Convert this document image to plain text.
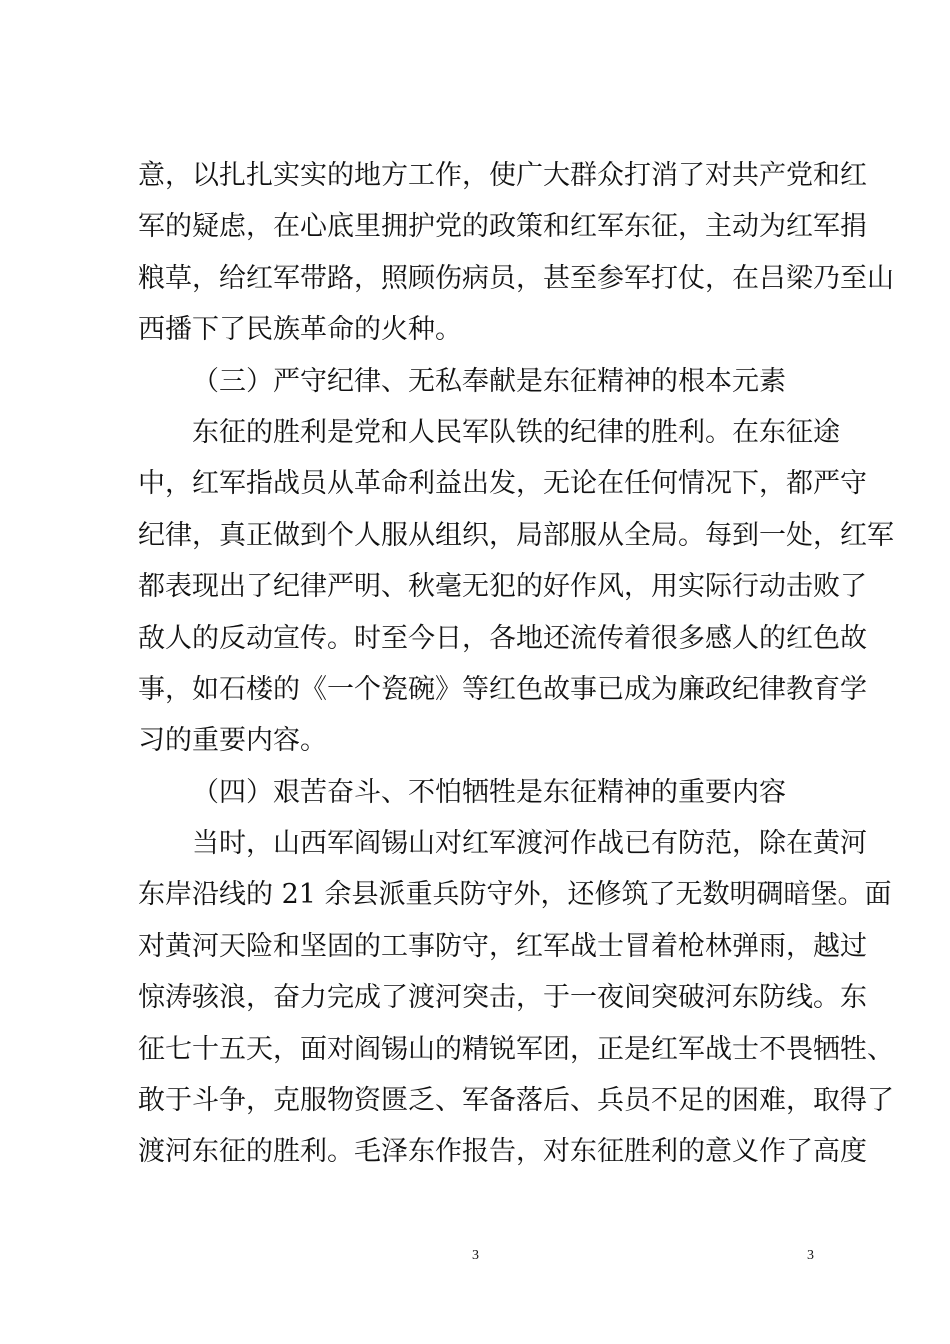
意，以扎扎实实的地方工作，使广大群众打消了对共产党和红
军的疑虑，在心底里拥护党的政策和红军东征，主动为红军捐
粮草，给红军带路，照顾伤病员，甚至参军打仗，在吕梁乃至山
西播下了民族革命的火种。
（三）严守纪律、无私奉献是东征精神的根本元素
东征的胜利是党和人民军队铁的纪律的胜利。在东征途
中，红军指战员从革命利益出发，无论在任何情况下，都严守
纪律，真正做到个人服从组织，局部服从全局。每到一处，红军
都表现出了纪律严明、秋毫无犯的好作风，用实际行动击败了
敌人的反动宣传。时至今日，各地还流传着很多感人的红色故
事，如石楼的《一个瓷碗》等红色故事已成为廉政纪律教育学
习的重要内容。
（四）艰苦奋斗、不怕牺牲是东征精神的重要内容
当时，山西军阎锡山对红军渡河作战已有防范，除在黄河
东岸沿线的 21 余县派重兵防守外，还修筑了无数明碉暗堡。面
对黄河天险和坚固的工事防守，红军战士冒着枪林弹雨，越过
惊涛骇浪，奋力完成了渡河突击，于一夜间突破河东防线。东
征七十五天，面对阎锡山的精锐军团，正是红军战士不畏牺牲、
敢于斗争，克服物资匮乏、军备落后、兵员不足的困难，取得了
渡河东征的胜利。毛泽东作报告，对东征胜利的意义作了高度
3	3
